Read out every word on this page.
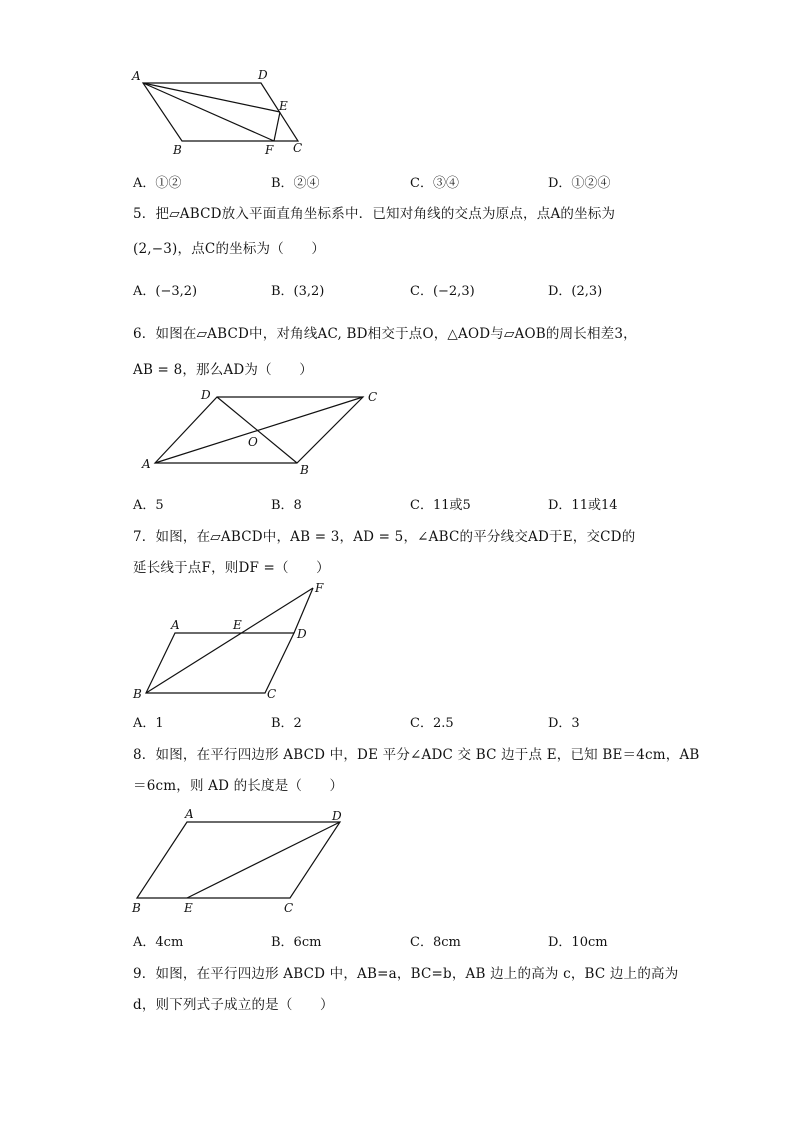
A	D
E
B	F C
A．①②	B．②④	C．③④	D．①②④
5．把▱ABCD放入平面直角坐标系中．已知对角线的交点为原点，点A的坐标为
(2,−3)，点C的坐标为（　　）
A．(−3,2)	B．(3,2)	C．(−2,3)	D．(2,3)
6．如图在▱ABCD中，对角线AC, BD相交于点O，△AOD与▱AOB的周长相差3，
AB = 8，那么AD为（　　）
D	C
O
A	B
A．5	B．8	C．11或5	D．11或14
7．如图，在▱ABCD中，AB = 3，AD = 5，∠ABC的平分线交AD于E，交CD的
延长线于点F，则DF =（　　）
F
A	E
D
B	C
A．1	B．2	C．2.5	D．3
8．如图，在平行四边形 ABCD 中，DE 平分∠ADC 交 BC 边于点 E，已知 BE＝4cm，AB
＝6cm，则 AD 的长度是（　　）
A	D
B	E	C
A．4cm	B．6cm	C．8cm	D．10cm
9．如图，在平行四边形 ABCD 中，AB=a，BC=b，AB 边上的高为 c，BC 边上的高为
d，则下列式子成立的是（　　）
